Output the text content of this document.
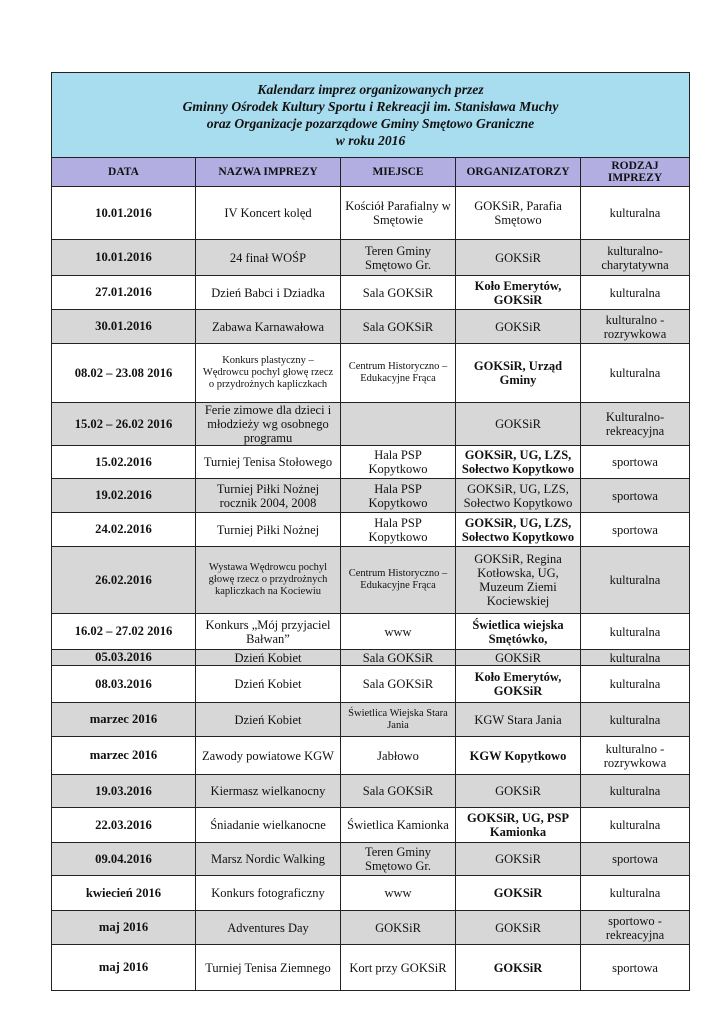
Kalendarz imprez organizowanych przez
Gminny Ośrodek Kultury Sportu i Rekreacji im. Stanisława Muchy
oraz Organizacje pozarządowe Gminy Smętowo Graniczne
w roku 2016				

DATA	NAZWA IMPREZY	MIEJSCE	ORGANIZATORZY	RODZAJ IMPREZY
10.01.2016	IV Koncert kolęd	Kościół Parafialny w Smętowie	GOKSiR, Parafia Smętowo	kulturalna
10.01.2016	24 finał WOŚP	Teren Gminy Smętowo Gr.	GOKSiR	kulturalno-charytatywna
27.01.2016	Dzień Babci i Dziadka	Sala GOKSiR	Koło Emerytów, GOKSiR	kulturalna
30.01.2016	Zabawa Karnawałowa	Sala GOKSiR	GOKSiR	kulturalno - rozrywkowa
08.02 – 23.08 2016	Konkurs plastyczny – Wędrowcu pochyl głowę rzecz o przydrożnych kapliczkach	Centrum Historyczno – Edukacyjne Frąca	GOKSiR, Urząd Gminy	kulturalna
15.02 – 26.02 2016	Ferie zimowe dla dzieci i młodzieży wg osobnego programu		GOKSiR	Kulturalno-rekreacyjna
15.02.2016	Turniej Tenisa Stołowego	Hala PSP Kopytkowo	GOKSiR, UG, LZS, Sołectwo Kopytkowo	sportowa
19.02.2016	Turniej Piłki Nożnej rocznik 2004, 2008	Hala PSP Kopytkowo	GOKSiR, UG, LZS, Sołectwo Kopytkowo	sportowa
24.02.2016	Turniej Piłki Nożnej	Hala PSP Kopytkowo	GOKSiR, UG, LZS, Sołectwo Kopytkowo	sportowa
26.02.2016	Wystawa Wędrowcu pochyl głowę rzecz o przydrożnych kapliczkach na Kociewiu	Centrum Historyczno – Edukacyjne Frąca	GOKSiR, Regina Kotłowska, UG, Muzeum Ziemi Kociewskiej	kulturalna
16.02 – 27.02 2016	Konkurs „Mój przyjaciel Bałwan”	www	Świetlica wiejska Smętówko,	kulturalna
05.03.2016	Dzień Kobiet	Sala GOKSiR	GOKSiR	kulturalna
08.03.2016	Dzień Kobiet	Sala GOKSiR	Koło Emerytów, GOKSiR	kulturalna
marzec 2016	Dzień Kobiet	Świetlica Wiejska Stara Jania	KGW Stara Jania	kulturalna
marzec 2016	Zawody powiatowe KGW	Jabłowo	KGW Kopytkowo	kulturalno - rozrywkowa
19.03.2016	Kiermasz wielkanocny	Sala GOKSiR	GOKSiR	kulturalna
22.03.2016	Śniadanie wielkanocne	Świetlica Kamionka	GOKSiR, UG, PSP Kamionka	kulturalna
09.04.2016	Marsz Nordic Walking	Teren Gminy Smętowo Gr.	GOKSiR	sportowa
kwiecień 2016	Konkurs fotograficzny	www	GOKSiR	kulturalna
maj 2016	Adventures Day	GOKSiR	GOKSiR	sportowo - rekreacyjna
maj 2016	Turniej Tenisa Ziemnego	Kort przy GOKSiR	GOKSiR	sportowa
